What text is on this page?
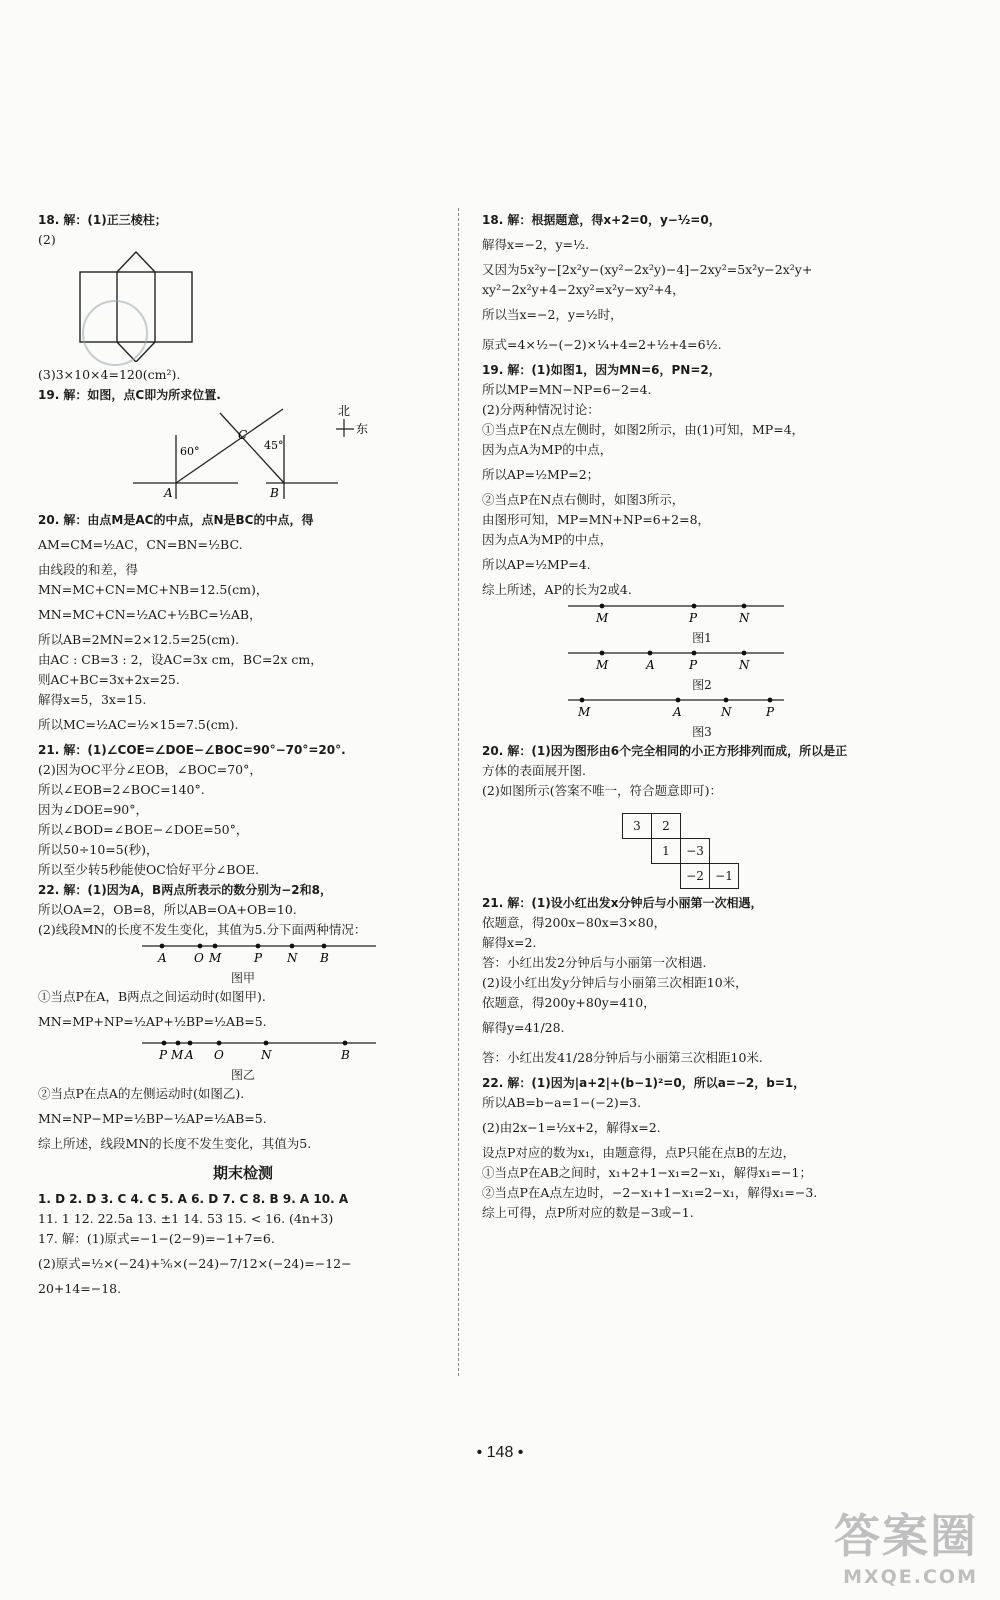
18. 解：(1)正三棱柱；
(2)
(3)3×10×4=120(cm²).
19. 解：如图，点C即为所求位置.
60°	45°
A	B
C
北
东
20. 解：由点M是AC的中点，点N是BC的中点，得
AM=CM=½AC，CN=BN=½BC.
由线段的和差，得
MN=MC+CN=MC+NB=12.5(cm)，
MN=MC+CN=½AC+½BC=½AB，
所以AB=2MN=2×12.5=25(cm).
由AC : CB=3 : 2，设AC=3x cm，BC=2x cm，
则AC+BC=3x+2x=25.
解得x=5，3x=15.
所以MC=½AC=½×15=7.5(cm).
21. 解：(1)∠COE=∠DOE−∠BOC=90°−70°=20°.
(2)因为OC平分∠EOB，∠BOC=70°，
所以∠EOB=2∠BOC=140°.
因为∠DOE=90°，
所以∠BOD=∠BOE−∠DOE=50°，
所以50÷10=5(秒)，
所以至少转5秒能使OC恰好平分∠BOE.
22. 解：(1)因为A，B两点所表示的数分别为−2和8，
所以OA=2，OB=8，所以AB=OA+OB=10.
(2)线段MN的长度不发生变化，其值为5.分下面两种情况：
A O M	P N B
图甲
①当点P在A，B两点之间运动时(如图甲).
MN=MP+NP=½AP+½BP=½AB=5.
P M A O	N	B
图乙
②当点P在点A的左侧运动时(如图乙).
MN=NP−MP=½BP−½AP=½AB=5.
综上所述，线段MN的长度不发生变化，其值为5.
期末检测
1. D 2. D 3. C 4. C 5. A 6. D 7. C 8. B 9. A 10. A
11. 1 12. 22.5a 13. ±1 14. 53 15. < 16. (4n+3)
17. 解：(1)原式=−1−(2−9)=−1+7=6.
(2)原式=½×(−24)+⅚×(−24)−7/12×(−24)=−12−
20+14=−18.
18. 解：根据题意，得x+2=0，y−½=0，
解得x=−2，y=½.
又因为5x²y−[2x²y−(xy²−2x²y)−4]−2xy²=5x²y−2x²y+
xy²−2x²y+4−2xy²=x²y−xy²+4，
所以当x=−2，y=½时，
原式=4×½−(−2)×¼+4=2+½+4=6½.
19. 解：(1)如图1，因为MN=6，PN=2，
所以MP=MN−NP=6−2=4.
(2)分两种情况讨论：
①当点P在N点左侧时，如图2所示，由(1)可知，MP=4，
因为点A为MP的中点，
所以AP=½MP=2；
②当点P在N点右侧时，如图3所示，
由图形可知，MP=MN+NP=6+2=8，
因为点A为MP的中点，
所以AP=½MP=4.
综上所述，AP的长为2或4.
M	P	N
图1
M	A	P	N
图2
M	A	N	P
图3
20. 解：(1)因为图形由6个完全相同的小正方形排列而成，所以是正
方体的表面展开图.
(2)如图所示(答案不唯一，符合题意即可)：
3	2		
	1	−3	
		−2	−1
21. 解：(1)设小红出发x分钟后与小丽第一次相遇，
依题意，得200x−80x=3×80，
解得x=2.
答：小红出发2分钟后与小丽第一次相遇.
(2)设小红出发y分钟后与小丽第三次相距10米，
依题意，得200y+80y=410，
解得y=41/28.
答：小红出发41/28分钟后与小丽第三次相距10米.
22. 解：(1)因为|a+2|+(b−1)²=0，所以a=−2，b=1，
所以AB=b−a=1−(−2)=3.
(2)由2x−1=½x+2，解得x=2.
设点P对应的数为x₁，由题意得，点P只能在点B的左边，
①当点P在AB之间时，x₁+2+1−x₁=2−x₁，解得x₁=−1；
②当点P在A点左边时，−2−x₁+1−x₁=2−x₁，解得x₁=−3.
综上可得，点P所对应的数是−3或−1.
• 148 •
答案圈
MXQE.COM
